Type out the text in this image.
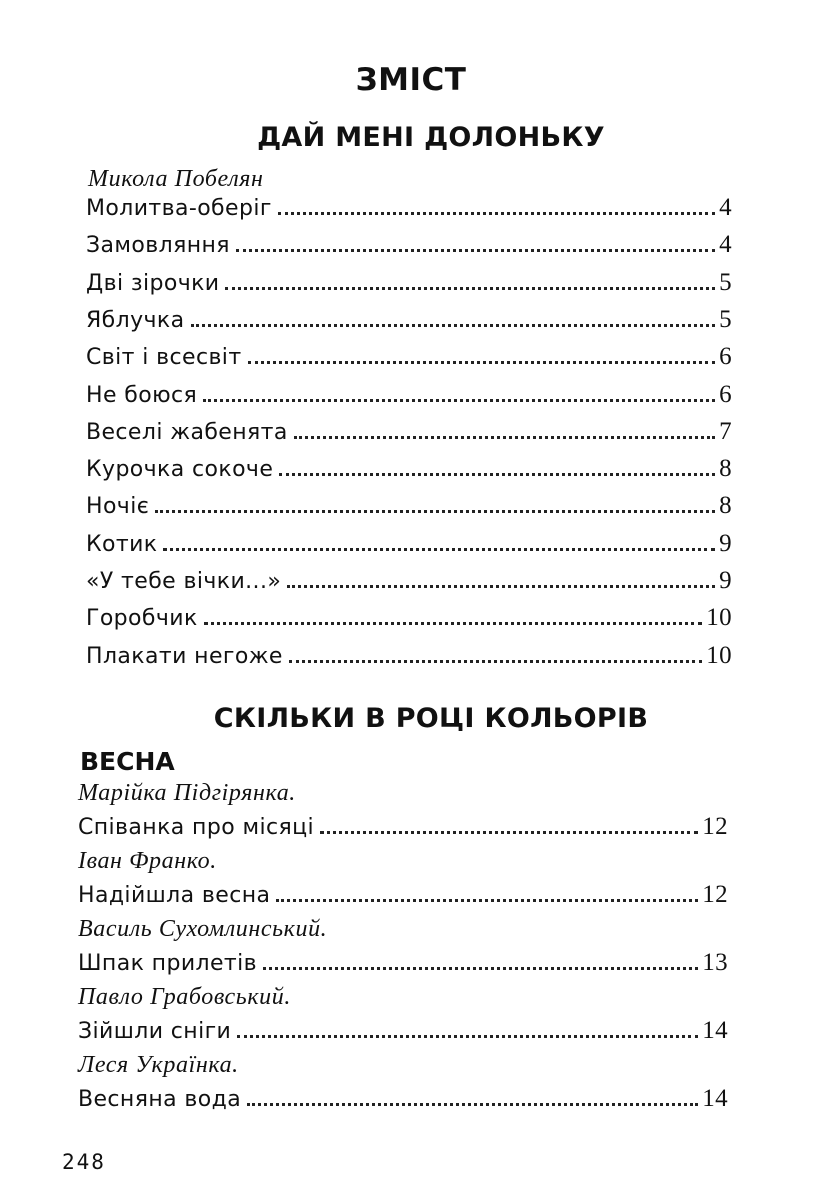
ЗМІСТ
ДАЙ МЕНІ ДОЛОНЬКУ
Микола Побелян
Молитва-оберіг	4
Замовляння	4
Дві зірочки	5
Яблучка	5
Світ і всесвіт	6
Не боюся	6
Веселі жабенята	7
Курочка сокоче	8
Ночіє	8
Котик	9
«У тебе вічки...»	9
Горобчик	10
Плакати негоже	10
СКІЛЬКИ В РОЦІ КОЛЬОРІВ
ВЕСНА
Марійка Підгірянка.
Співанка про місяці	12
Іван Франко.
Надійшла весна	12
Василь Сухомлинський.
Шпак прилетів	13
Павло Грабовський.
Зійшли сніги	14
Леся Українка.
Весняна вода	14
248
